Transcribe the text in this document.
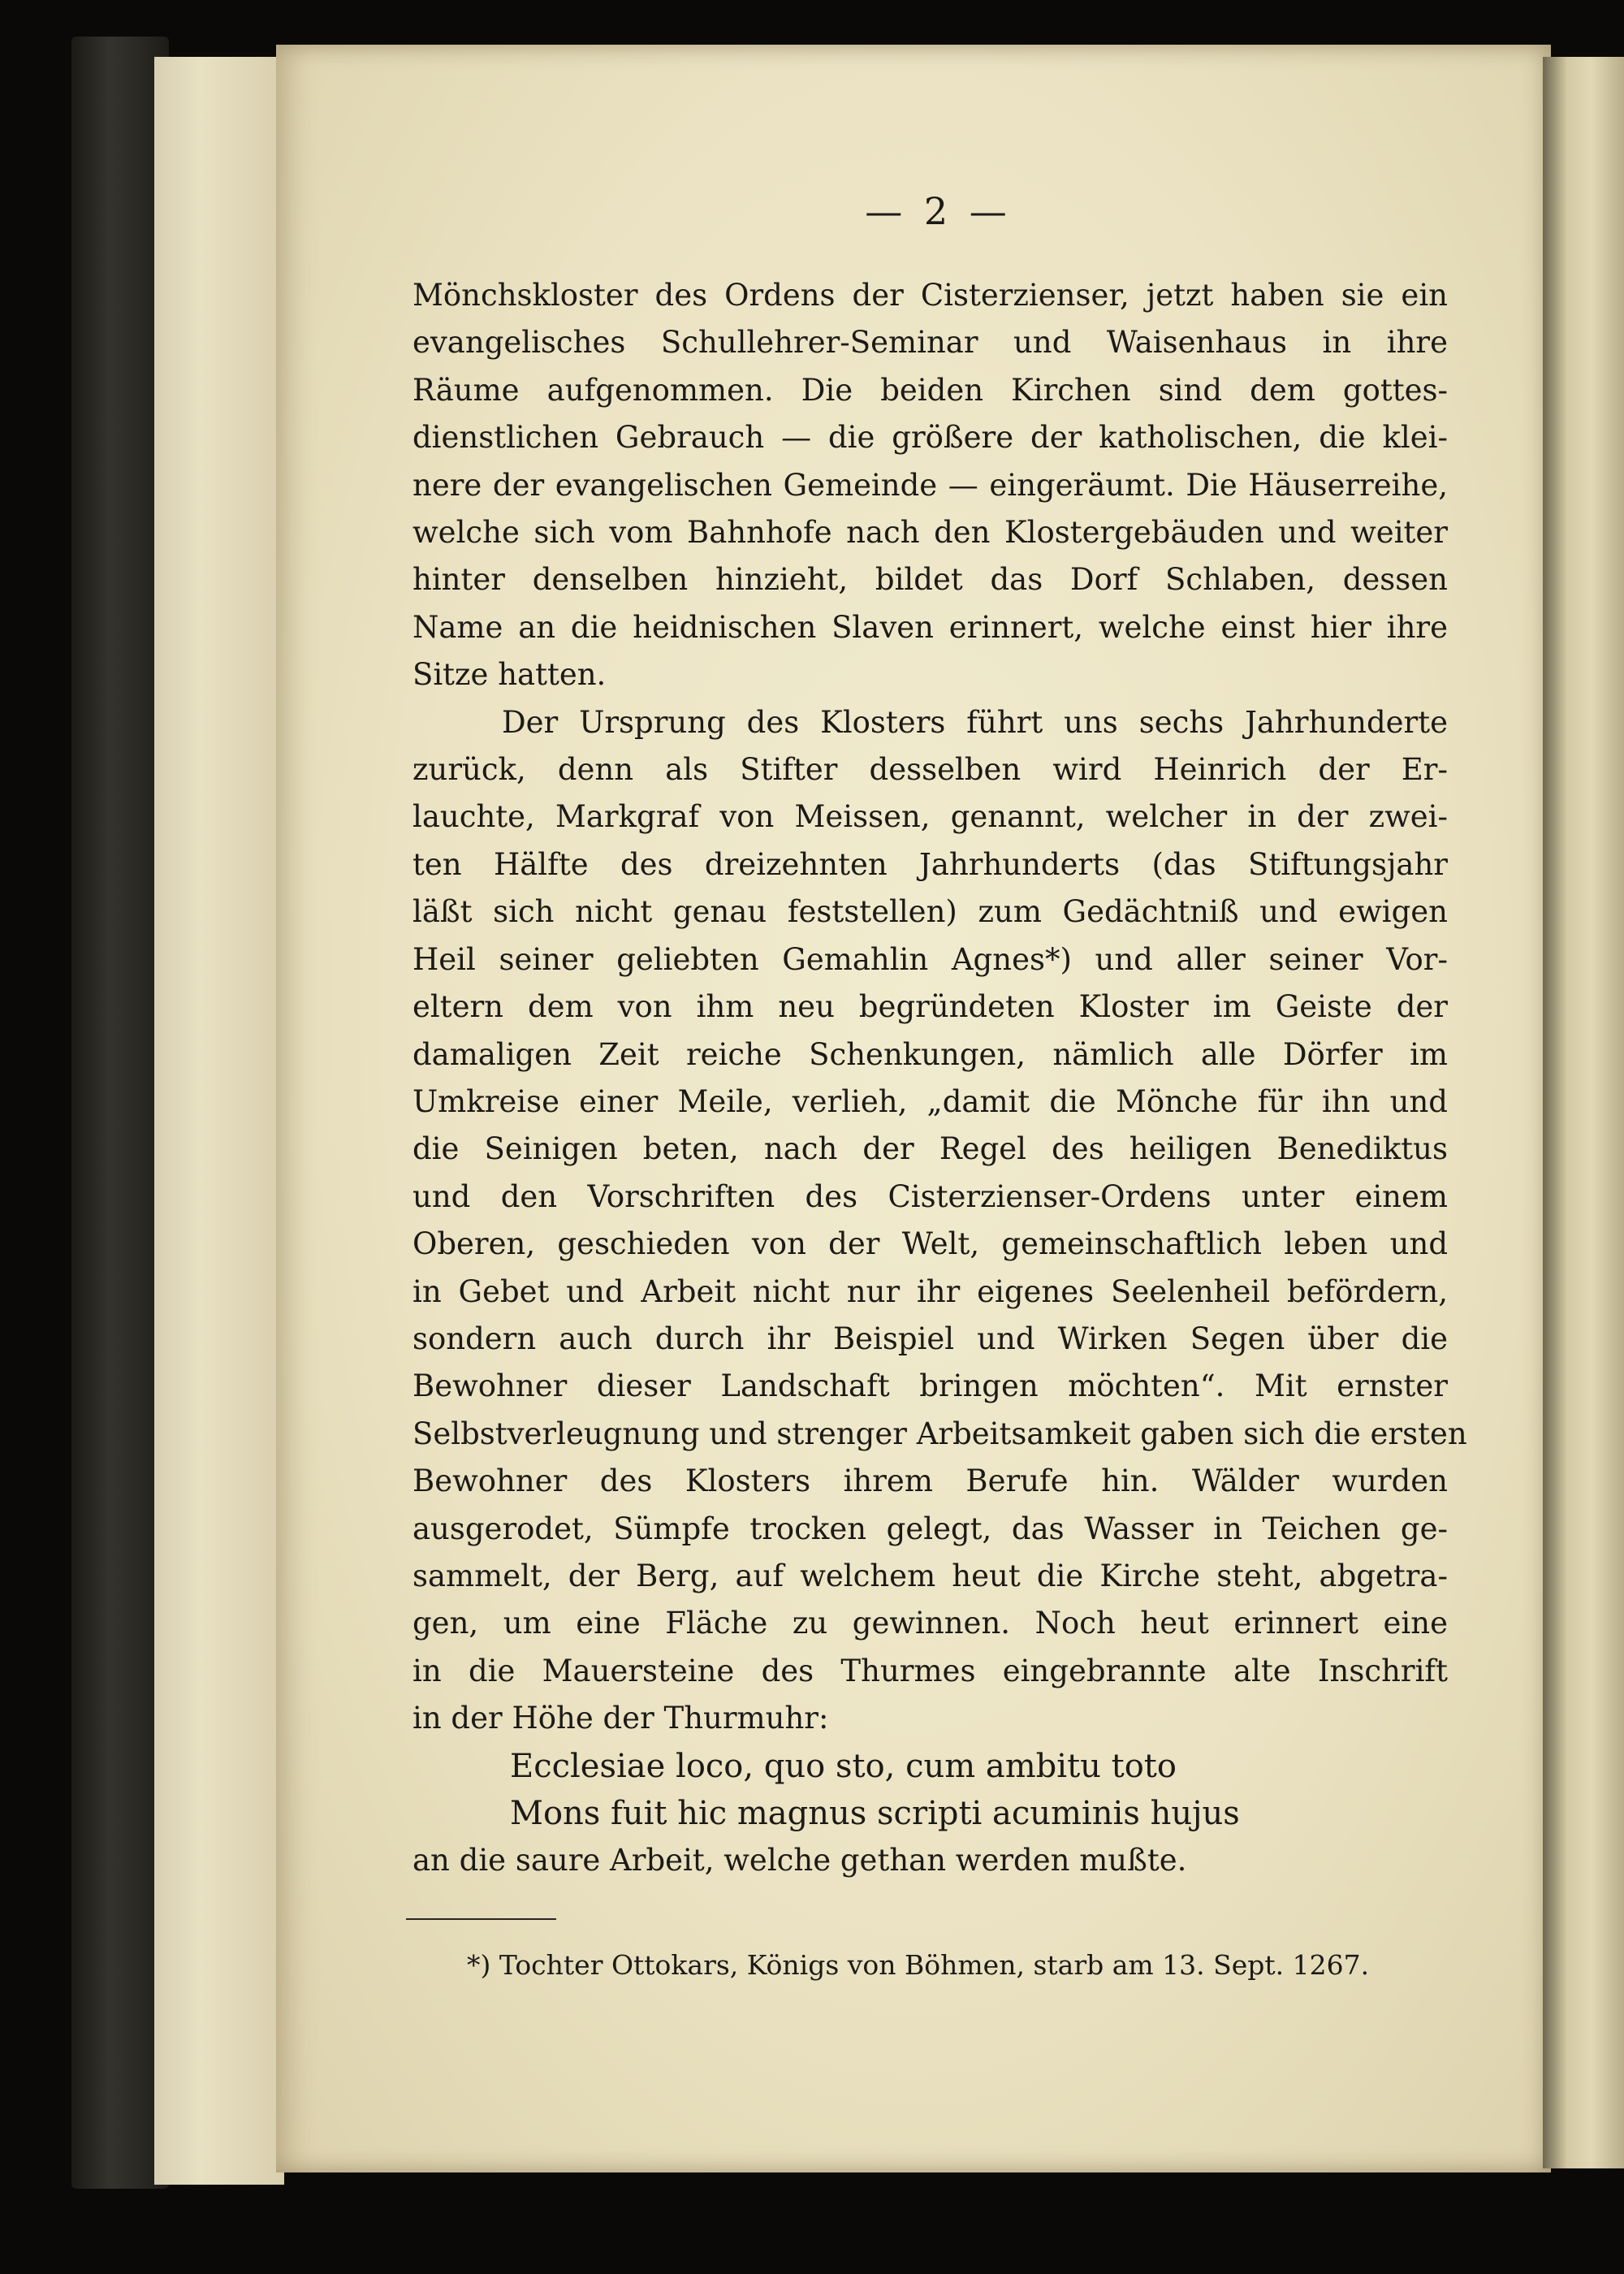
— 2 —
Mönchskloster des Ordens der Cisterzienser, jetzt haben sie ein
evangelisches Schullehrer-Seminar und Waisenhaus in ihre
Räume aufgenommen. Die beiden Kirchen sind dem gottes-
dienstlichen Gebrauch — die größere der katholischen, die klei-
nere der evangelischen Gemeinde — eingeräumt. Die Häuserreihe,
welche sich vom Bahnhofe nach den Klostergebäuden und weiter
hinter denselben hinzieht, bildet das Dorf Schlaben, dessen
Name an die heidnischen Slaven erinnert, welche einst hier ihre
Sitze hatten.
Der Ursprung des Klosters führt uns sechs Jahrhunderte
zurück, denn als Stifter desselben wird Heinrich der Er-
lauchte, Markgraf von Meissen, genannt, welcher in der zwei-
ten Hälfte des dreizehnten Jahrhunderts (das Stiftungsjahr
läßt sich nicht genau feststellen) zum Gedächtniß und ewigen
Heil seiner geliebten Gemahlin Agnes*) und aller seiner Vor-
eltern dem von ihm neu begründeten Kloster im Geiste der
damaligen Zeit reiche Schenkungen, nämlich alle Dörfer im
Umkreise einer Meile, verlieh, „damit die Mönche für ihn und
die Seinigen beten, nach der Regel des heiligen Benediktus
und den Vorschriften des Cisterzienser-Ordens unter einem
Oberen, geschieden von der Welt, gemeinschaftlich leben und
in Gebet und Arbeit nicht nur ihr eigenes Seelenheil befördern,
sondern auch durch ihr Beispiel und Wirken Segen über die
Bewohner dieser Landschaft bringen möchten“. Mit ernster
Selbstverleugnung und strenger Arbeitsamkeit gaben sich die ersten
Bewohner des Klosters ihrem Berufe hin. Wälder wurden
ausgerodet, Sümpfe trocken gelegt, das Wasser in Teichen ge-
sammelt, der Berg, auf welchem heut die Kirche steht, abgetra-
gen, um eine Fläche zu gewinnen. Noch heut erinnert eine
in die Mauersteine des Thurmes eingebrannte alte Inschrift
in der Höhe der Thurmuhr:
Ecclesiae loco, quo sto, cum ambitu toto
Mons fuit hic magnus scripti acuminis hujus
an die saure Arbeit, welche gethan werden mußte.
*) Tochter Ottokars, Königs von Böhmen, starb am 13. Sept. 1267.
